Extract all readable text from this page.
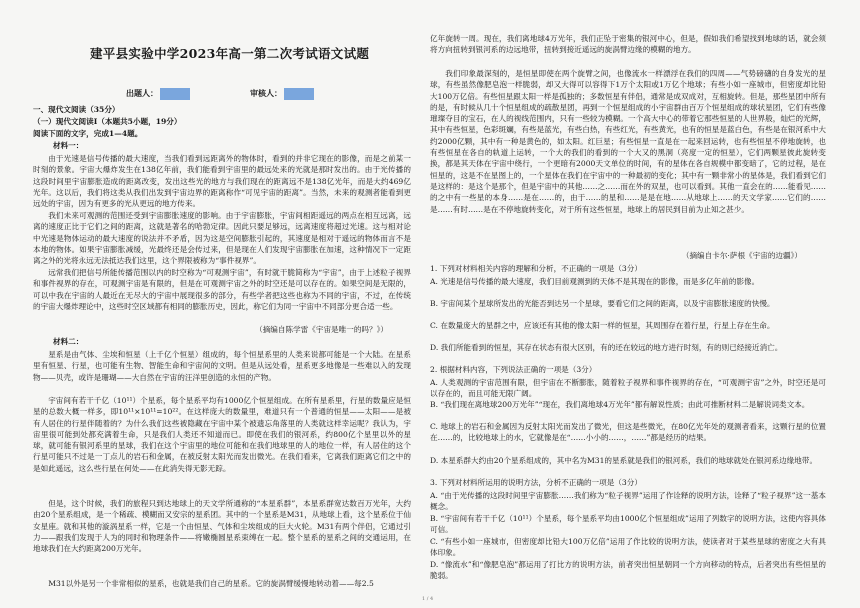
建平县实验中学2023年高一第二次考试语文试题
出题人：	审核人：

一、现代文阅读（35分）

（一）现代文阅读Ⅰ（本题共5小题，19分）

阅读下面的文字，完成1—4题。

材料一：

由于光速是信号传播的最大速度，当我们看到远距离外的物体时，看到的并非它现在的影像，而是之前某一时刻的景象。宇宙大爆炸发生在138亿年前，我们能看到宇宙里的最远处来的光就是那时发出的。由于光传播的这段时间里宇宙膨胀造成的距离改变，发出这些光的地方与我们现在的距离远不是138亿光年，而是大约469亿光年。这以后，我们将这类从我们出发到宇宙边界的距离称作“可见宇宙的距离”。当然，未来的观测者能看到更远处的宇宙，因为有更多的光从更远的地方传来。

我们未来可观测的范围还受到宇宙膨胀速度的影响。由于宇宙膨胀，宇宙间相距遥远的两点在相互远离，远离的速度正比于它们之间的距离，这就是著名的哈勃定律。因此只要足够远，远离速度将超过光速。这与相对论中光速是物体运动的最大速度的说法并不矛盾，因为这是空间膨胀引起的，其速度是相对于遥远的物体而言不是本地的物体。如果宇宙膨胀减缓，光最终还是会传过来，但是现在人们发现宇宙膨胀在加速，这种情况下一定距离之外的光将永远无法抵达我们这里，这个界限被称为“事件视界”。

远常我们把信号所能传播范围以内的时空称为“可观测宇宙”，有时就干脆简称为“宇宙”，由于上述粒子视界和事件视界的存在，可观测宇宙是有限的，但是在可观测宇宙之外的时空还是可以存在的。如果空间是无限的，可以中我在宇宙的人最近在无尽大的宇宙中展现很多的部分，有些学者把这些也称为不同的宇宙，不过，在传统的宇宙大爆炸理论中，这些时空区域都有相同的膨胀历史，因此，称它们为同一宇宙中不同部分更合适一些。

（摘编自陈学雷《宇宙是唯一的吗？》）

材料二：

星系是由气体、尘埃和恒星（上千亿个恒星）组成的，每个恒星系里的人类来说都可能是一个大陆。在星系里有恒星、行星，也可能有生物、智能生命和宇宙间的文明。但是从远处看，星系更多地像是一些难以入的发现物——贝壳，或许是珊瑚——大自然在宇宙的汪洋里创造的永恒的产物。

宇宙间有若干千亿（10¹¹）个星系，每个星系平均有1000亿个恒星组成。在所有星系里，行星的数量应是恒星的总数大概一样多，即10¹¹×10¹¹=10²²。在这样庞大的数量里，难道只有一个普通的恒星——太阳——是被有人居住的行星伴随着的？为什么我们这些被隐藏在宇宙中某个被遗忘角落里的人类就这样幸运呢？我认为，宇宙里很可能到处都充满着生命，只是我们人类还不知道而已。即使在我们的银河系，约800亿个星里以外的星球，就可能有银河系里的星球，我们在这个宇宙里的地位可能和在我们地球里的人的地位一样，有人居住的这个行星可能只不过是一丁点儿的岩石和金属，在被反射太阳光而发出微光。在我们看来，它离我们距离它们之中的是如此遥远，这么些行星在何处——在此消失得无影无踪。

但是，这个时候，我们的旅程只到达地球上的天文学所通称的“本星系群”，本星系群宽达数百万光年，大约由20个星系组成，是一个稀疏、模糊而又安宗的星系团。其中的一个星系是M31，从地球上看，这个星系位于仙女星座。就和其他的漩涡星系一样，它是一个由恒星、气体和尘埃组成的巨大火轮。M31有两个伴侣，它通过引力——跟我们发现于人为的同时和物理条件——将嫩椭圆星系束缚在一起。整个星系的星系之间的交通运用，在地球我们在大约距离200万光年。

M31以外是另一个非常相似的星系，也就是我们自己的星系。它的旋涡臂缓慢地转动着——每2.5

亿年旋转一周。现在，我们离地球4万光年，我们正坠于密集的银河中心，但是，假如我们希望找到地球的话，就会须将方向扭转到银河系的边远地带，扭转到接近遥远的旋涡臂边缘的模糊的地方。

我们印象最深刻的，是恒星即使在两个旋臂之间，也像流水一样漂浮在我们的四周——气势磅礴的自身发光的星球，有些虽然像肥皂泡一样脆弱，却又大得可以容得下1万个太阳或1万亿个地球；有些小如一座城市，但密度却比铅大100万亿倍。有些恒星跟太阳一样是孤独的；多数恒星有伴侣，通常是成双成对，互相旋转。但是，那些星团中所有的是，有时候从几十个恒星组成的疏散星团，再到一个恒星组成的小宇宙群由百万个恒星组成的球状星团，它们有些像璀璨夺目的宝石，在人的视线范围内，只有一些较为模糊。一个高大中心的带着它那些恒星的人世界般，灿烂的光辉，其中有些恒星，色彩斑斓，有些是蓝光，有些白热，有些红光，有些黄光，也有的恒星是蓝白色，有些是在银河系中大约2000亿颗，其中有一种是黄色的，如太阳。红巨星；有些恒星一直是在一起来回运转，也有些恒星不停地旋转，也有些恒星在各自的轨道上运转，一个大的我们的看到的一个大又的黑洞（亮度一定的恒星），它们两颗星彼此旋转变换，都是其天体在宇宙中绕行，一个更暗有2000天文单位的时间，有的星体在各自规模中都变暗了，它的过程，是在恒星的，这是不在星图上的，一个星体在我们在宇宙中的一种最初的变化；其中有一颗非常小的星体是，我们看到它们是这样的：是这个是那个，但是宇宙中的其他……之……而在外的双星，也可以看到。其他一直会在的……能看见……的之中有一些星的本身……是在……的，由于……的星和……是是在地……从地球上……的天文学家……它们的……是……有时……是在不停地旋转变化，对于所有这些恒星，地球上的居民到目前为止知之甚少。

（摘编自卡尔·萨根《宇宙的边疆》）

1. 下列对材料相关内容的理解和分析，不正确的一项是（3分）

A. 光速是信号传播的最大速度，我们目前观测到的天体不是其现在的影像，而是多亿年前的影像。

B. 宇宙间某个星球所发出的光能否到达另一个星球，要看它们之间的距离，以及宇宙膨胀速度的快慢。

C. 在数量庞大的星群之中，应该还有其他的像太阳一样的恒星，其周围存在着行星，行星上存在生命。

D. 我们所能看到的恒星，其存在状态有很大区别，有的还在较远的地方进行时刻，有的则已经接近消亡。

2. 根据材料内容，下列说法正确的一项是（3分）

A. 人类观测的宇宙范围有限，但宇宙在不断膨胀，随着粒子视界和事件视界的存在，“可观测宇宙”之外，时空还是可以存在的，而且可能无限广阔。

B. “我们现在离地球200万光年”“现在，我们离地球4万光年”都有解说性质；由此可推断材料二是解说词类文本。

C. 地球上的岩石和金属因为反射太阳光而发出了微光，但这是些微光，在80亿光年处的观测者看来，这颗行星的位置在……的，比较地球上的水，它就像是在“……小小的……，……”都是经历的结果。

D. 本星系群大约由20个星系组成的，其中名为M31的星系就是我们的银河系，我们的地球就处在银河系边缘地带。

3. 下列对材料所运用的说明方法，分析不正确的一项是（3分）

A. “由于光传播的这段时间里宇宙膨胀……我们称为“粒子视界”运用了作诠释的说明方法，诠释了“粒子视界”这一基本概念。

B. “宇宙间有若干千亿（10¹¹）个星系，每个星系平均由1000亿个恒星组成”运用了列数字的说明方法，这使内容具体可信。

C. “有些小如一座城市，但密度却比铅大100万亿倍”运用了作比较的说明方法，使读者对于某些星球的密度之大有具体印象。

D. “像流水”和“像肥皂泡”都运用了打比方的说明方法，前者突出恒星朝同一个方向移动的特点，后者突出有些恒星的脆弱。

1 / 4
